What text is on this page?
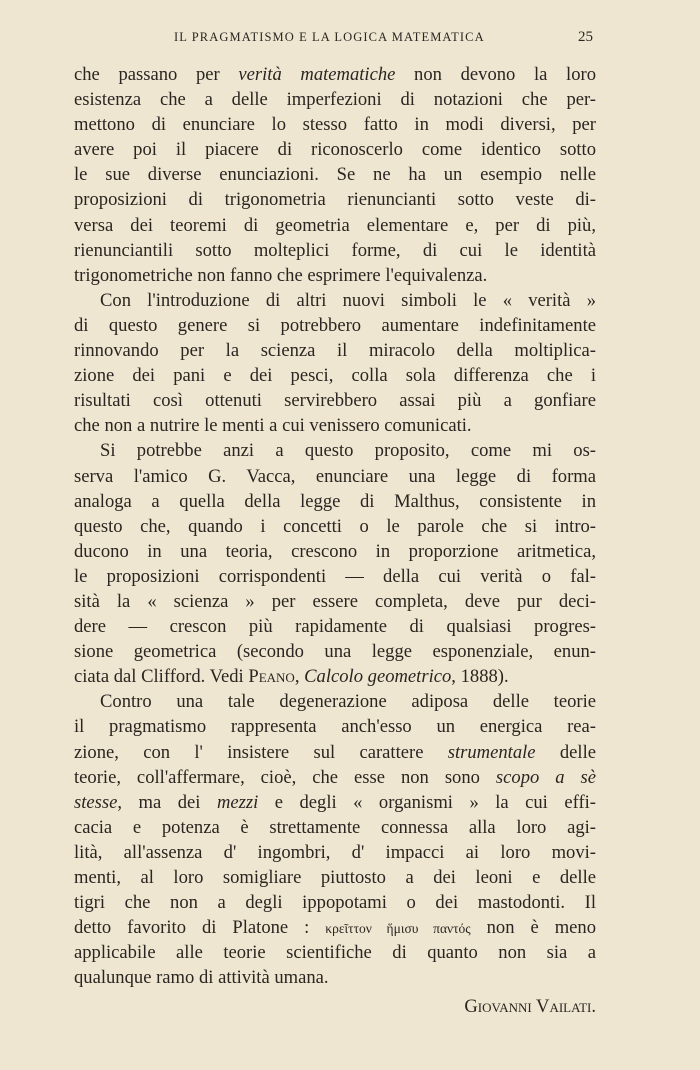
IL PRAGMATISMO E LA LOGICA MATEMATICA	25
che passano per verità matematiche non devono la loro
esistenza che a delle imperfezioni di notazioni che per-
mettono di enunciare lo stesso fatto in modi diversi, per
avere poi il piacere di riconoscerlo come identico sotto
le sue diverse enunciazioni. Se ne ha un esempio nelle
proposizioni di trigonometria rienuncianti sotto veste di-
versa dei teoremi di geometria elementare e, per di più,
rienunciantili sotto molteplici forme, di cui le identità
trigonometriche non fanno che esprimere l'equivalenza.
Con l'introduzione di altri nuovi simboli le « verità »
di questo genere si potrebbero aumentare indefinitamente
rinnovando per la scienza il miracolo della moltiplica-
zione dei pani e dei pesci, colla sola differenza che i
risultati così ottenuti servirebbero assai più a gonfiare
che non a nutrire le menti a cui venissero comunicati.
Si potrebbe anzi a questo proposito, come mi os-
serva l'amico G. Vacca, enunciare una legge di forma
analoga a quella della legge di Malthus, consistente in
questo che, quando i concetti o le parole che si intro-
ducono in una teoria, crescono in proporzione aritmetica,
le proposizioni corrispondenti — della cui verità o fal-
sità la « scienza » per essere completa, deve pur deci-
dere — crescon più rapidamente di qualsiasi progres-
sione geometrica (secondo una legge esponenziale, enun-
ciata dal Clifford. Vedi Peano, Calcolo geometrico, 1888).
Contro una tale degenerazione adiposa delle teorie
il pragmatismo rappresenta anch'esso un energica rea-
zione, con l' insistere sul carattere strumentale delle
teorie, coll'affermare, cioè, che esse non sono scopo a sè
stesse, ma dei mezzi e degli « organismi » la cui effi-
cacia e potenza è strettamente connessa alla loro agi-
lità, all'assenza d' ingombri, d' impacci ai loro movi-
menti, al loro somigliare piuttosto a dei leoni e delle
tigri che non a degli ippopotami o dei mastodonti. Il
detto favorito di Platone : κρεῖττον ἥμισυ παντός non è meno
applicabile alle teorie scientifiche di quanto non sia a
qualunque ramo di attività umana.
Giovanni Vailati.
